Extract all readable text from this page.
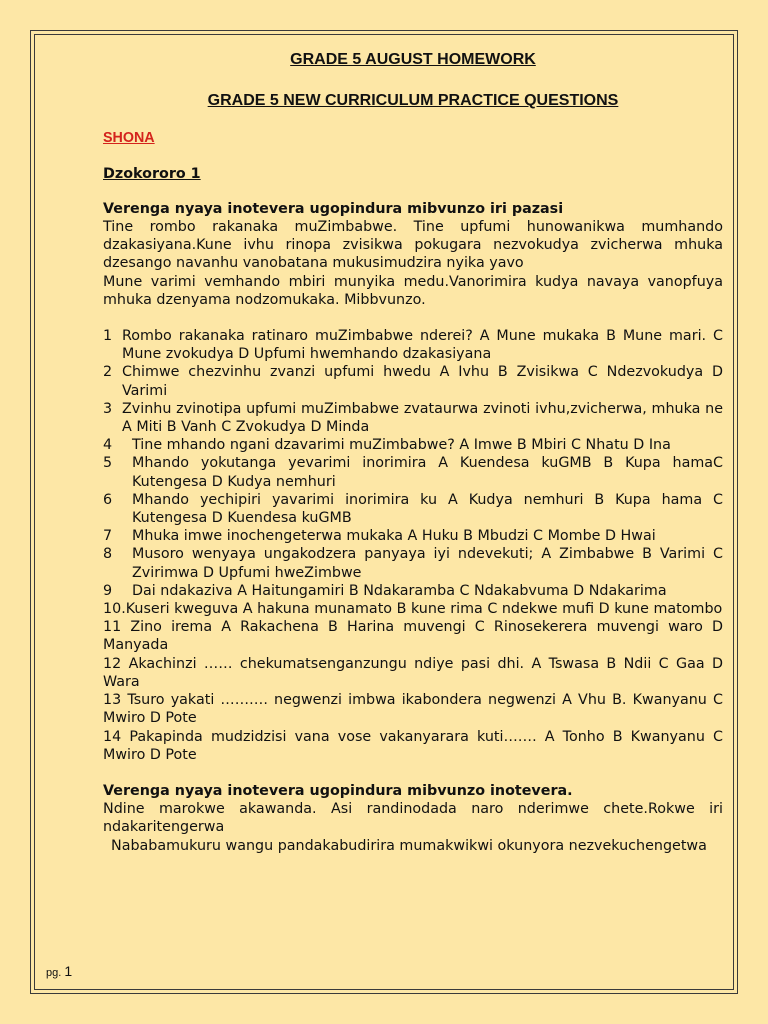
GRADE 5 AUGUST HOMEWORK

GRADE 5 NEW CURRICULUM PRACTICE QUESTIONS

SHONA
Dzokororo 1
Verenga nyaya inotevera ugopindura mibvunzo iri pazasi

Tine rombo rakanaka muZimbabwe. Tine upfumi hunowanikwa mumhando dzakasiyana.Kune ivhu rinopa zvisikwa pokugara nezvokudya zvicherwa mhuka dzesango navanhu vanobatana mukusimudzira nyika yavo

Mune varimi vemhando mbiri munyika medu.Vanorimira kudya navaya vanopfuya mhuka dzenyama nodzomukaka. Mibbvunzo.

1 Rombo rakanaka ratinaro muZimbabwe nderei? A Mune mukaka B Mune mari. C Mune zvokudya D Upfumi hwemhando dzakasiyana
2 Chimwe chezvinhu zvanzi upfumi hwedu A Ivhu B Zvisikwa C Ndezvokudya D Varimi
3 Zvinhu zvinotipa upfumi muZimbabwe zvataurwa zvinoti ivhu,zvicherwa, mhuka ne A Miti B Vanh C Zvokudya D Minda
4	Tine mhando ngani dzavarimi muZimbabwe? A Imwe B Mbiri C Nhatu D Ina
5	Mhando yokutanga yevarimi inorimira A Kuendesa kuGMB B Kupa hamaC Kutengesa D Kudya nemhuri
6	Mhando yechipiri yavarimi inorimira ku A Kudya nemhuri B Kupa hama C Kutengesa D Kuendesa kuGMB
7	Mhuka imwe inochengeterwa mukaka A Huku B Mbudzi C Mombe D Hwai
8	Musoro wenyaya ungakodzera panyaya iyi ndevekuti; A Zimbabwe B Varimi C Zvirimwa D Upfumi hweZimbwe
9	Dai ndakaziva A Haitungamiri B Ndakaramba C Ndakabvuma D Ndakarima
10.Kuseri kweguva A hakuna munamato B kune rima C ndekwe mufi D kune matombo
11 Zino irema A Rakachena B Harina muvengi C Rinosekerera muvengi waro D Manyada
12 Akachinzi …… chekumatsenganzungu ndiye pasi dhi. A Tswasa B Ndii C Gaa D Wara
13 Tsuro yakati ………. negwenzi imbwa ikabondera negwenzi A Vhu B. Kwanyanu C Mwiro D Pote
14 Pakapinda mudzidzisi vana vose vakanyarara kuti……. A Tonho B Kwanyanu C Mwiro D Pote
Verenga nyaya inotevera ugopindura mibvunzo inotevera.

Ndine marokwe akawanda. Asi randinodada naro nderimwe chete.Rokwe iri ndakaritengerwa

Nababamukuru wangu pandakabudirira mumakwikwi okunyora nezvekuchengetwa

pg. 1
